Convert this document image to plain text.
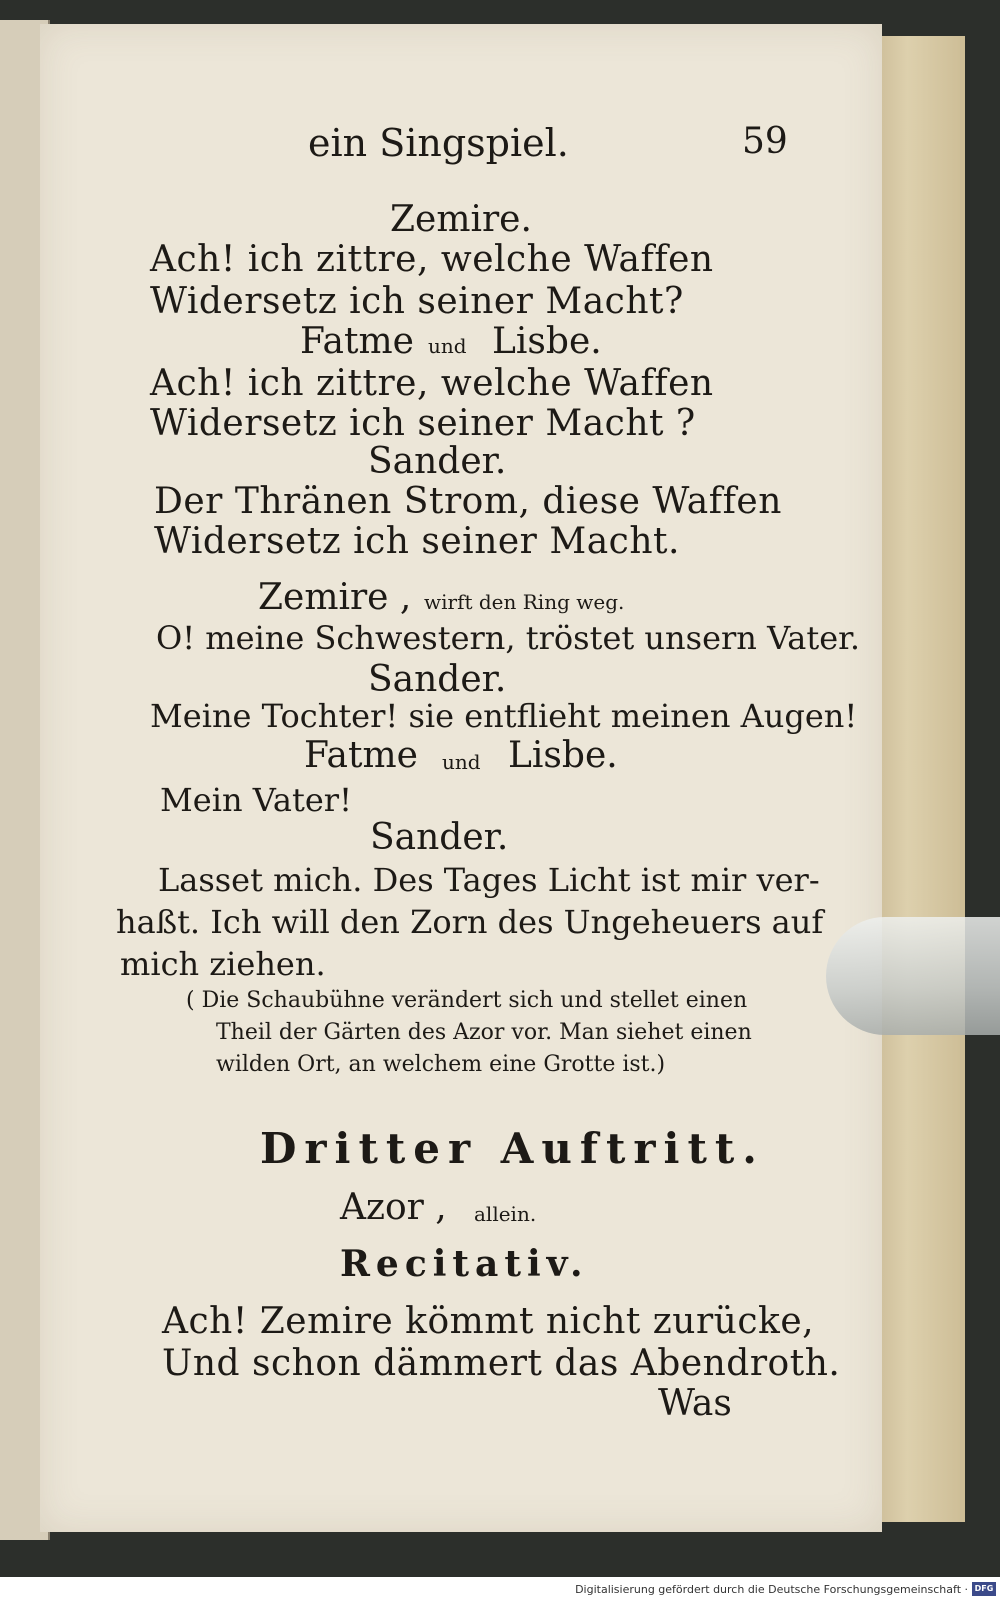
ein Singspiel.	59
Zemire.
Ach! ich zittre, welche Waffen
Widersetz ich seiner Macht?
Fatme und Lisbe.
Ach! ich zittre, welche Waffen
Widersetz ich seiner Macht ?
Sander.
Der Thränen Strom, diese Waffen
Widersetz ich seiner Macht.
Zemire , wirft den Ring weg.
O! meine Schwestern, tröstet unsern Vater.
Sander.
Meine Tochter! sie entflieht meinen Augen!
Fatme und Lisbe.
Mein Vater!
Sander.
Lasset mich. Des Tages Licht ist mir ver-
haßt. Ich will den Zorn des Ungeheuers auf
mich ziehen.
( Die Schaubühne verändert sich und stellet einen
Theil der Gärten des Azor vor. Man siehet einen
wilden Ort, an welchem eine Grotte ist.)
Dritter Auftritt.
Azor , allein.
Recitativ.
Ach! Zemire kömmt nicht zurücke,
Und schon dämmert das Abendroth.
Was
Digitalisierung gefördert durch die Deutsche Forschungsgemeinschaft · DFG
